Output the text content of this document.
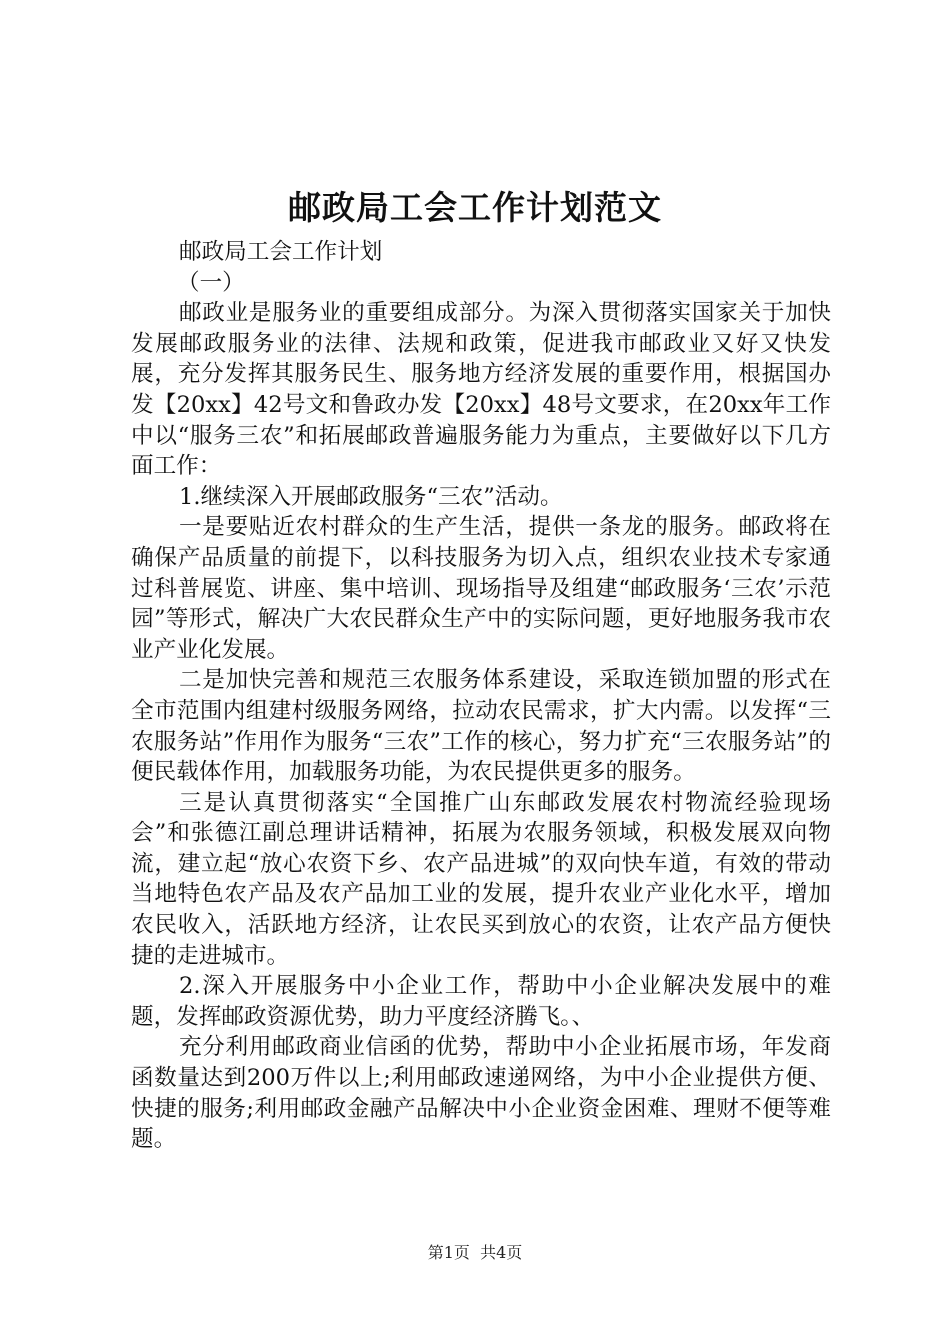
邮政局工会工作计划范文

邮政局工会工作计划

（一）

邮政业是服务业的重要组成部分。为深入贯彻落实国家关于加快发展邮政服务业的法律、法规和政策，促进我市邮政业又好又快发展，充分发挥其服务民生、服务地方经济发展的重要作用，根据国办发【20xx】42号文和鲁政办发【20xx】48号文要求，在20xx年工作中以“服务三农”和拓展邮政普遍服务能力为重点，主要做好以下几方面工作：

1.继续深入开展邮政服务“三农”活动。

一是要贴近农村群众的生产生活，提供一条龙的服务。邮政将在确保产品质量的前提下，以科技服务为切入点，组织农业技术专家通过科普展览、讲座、集中培训、现场指导及组建“邮政服务‘三农’示范园”等形式，解决广大农民群众生产中的实际问题，更好地服务我市农业产业化发展。

二是加快完善和规范三农服务体系建设，采取连锁加盟的形式在全市范围内组建村级服务网络，拉动农民需求，扩大内需。以发挥“三农服务站”作用作为服务“三农”工作的核心，努力扩充“三农服务站”的便民载体作用，加载服务功能，为农民提供更多的服务。

三是认真贯彻落实“全国推广山东邮政发展农村物流经验现场会”和张德江副总理讲话精神，拓展为农服务领域，积极发展双向物流，建立起“放心农资下乡、农产品进城”的双向快车道，有效的带动当地特色农产品及农产品加工业的发展，提升农业产业化水平，增加农民收入，活跃地方经济，让农民买到放心的农资，让农产品方便快捷的走进城市。

2.深入开展服务中小企业工作，帮助中小企业解决发展中的难题，发挥邮政资源优势，助力平度经济腾飞。、

充分利用邮政商业信函的优势，帮助中小企业拓展市场，年发商函数量达到200万件以上;利用邮政速递网络，为中小企业提供方便、快捷的服务;利用邮政金融产品解决中小企业资金困难、理财不便等难题。

第1页 共4页
